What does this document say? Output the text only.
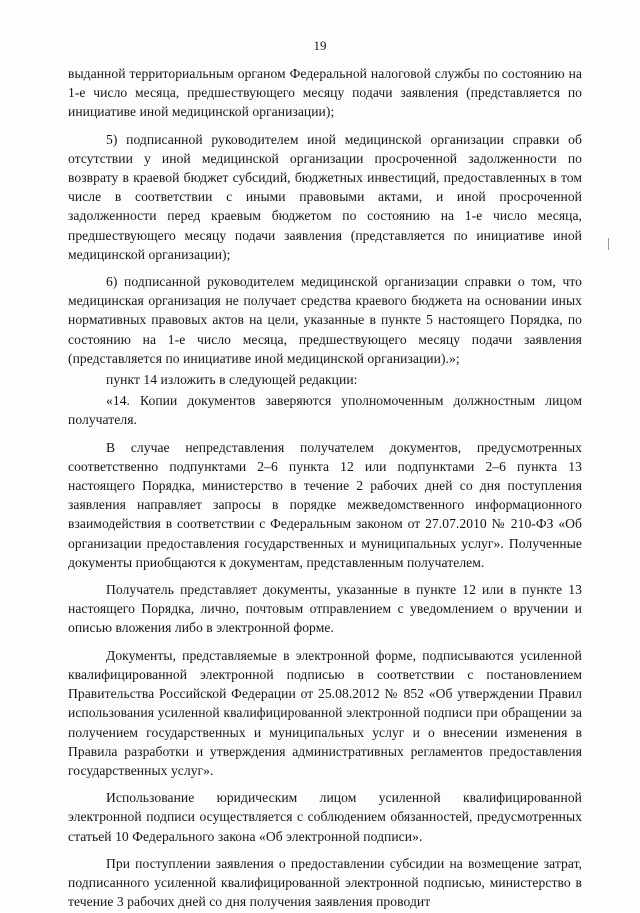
19

выданной территориальным органом Федеральной налоговой службы по состоянию на 1-е число месяца, предшествующего месяцу подачи заявления (представляется по инициативе иной медицинской организации);

5) подписанной руководителем иной медицинской организации справки об отсутствии у иной медицинской организации просроченной задолженности по возврату в краевой бюджет субсидий, бюджетных инвестиций, предоставленных в том числе в соответствии с иными правовыми актами, и иной просроченной задолженности перед краевым бюджетом по состоянию на 1-е число месяца, предшествующего месяцу подачи заявления (представляется по инициативе иной медицинской организации);

6) подписанной руководителем медицинской организации справки о том, что медицинская организация не получает средства краевого бюджета на основании иных нормативных правовых актов на цели, указанные в пункте 5 настоящего Порядка, по состоянию на 1-е число месяца, предшествующего месяцу подачи заявления (представляется по инициативе иной медицинской организации).»;

пункт 14 изложить в следующей редакции:

«14. Копии документов заверяются уполномоченным должностным лицом получателя.

В случае непредставления получателем документов, предусмотренных соответственно подпунктами 2–6 пункта 12 или подпунктами 2–6 пункта 13 настоящего Порядка, министерство в течение 2 рабочих дней со дня поступления заявления направляет запросы в порядке межведомственного информационного взаимодействия в соответствии с Федеральным законом от 27.07.2010 № 210-ФЗ «Об организации предоставления государственных и муниципальных услуг». Полученные документы приобщаются к документам, представленным получателем.

Получатель представляет документы, указанные в пункте 12 или в пункте 13 настоящего Порядка, лично, почтовым отправлением с уведомлением о вручении и описью вложения либо в электронной форме.

Документы, представляемые в электронной форме, подписываются усиленной квалифицированной электронной подписью в соответствии с постановлением Правительства Российской Федерации от 25.08.2012 № 852 «Об утверждении Правил использования усиленной квалифицированной электронной подписи при обращении за получением государственных и муниципальных услуг и о внесении изменения в Правила разработки и утверждения административных регламентов предоставления государственных услуг».

Использование юридическим лицом усиленной квалифицированной электронной подписи осуществляется с соблюдением обязанностей, предусмотренных статьей 10 Федерального закона «Об электронной подписи».

При поступлении заявления о предоставлении субсидии на возмещение затрат, подписанного усиленной квалифицированной электронной подписью, министерство в течение 3 рабочих дней со дня получения заявления проводит
